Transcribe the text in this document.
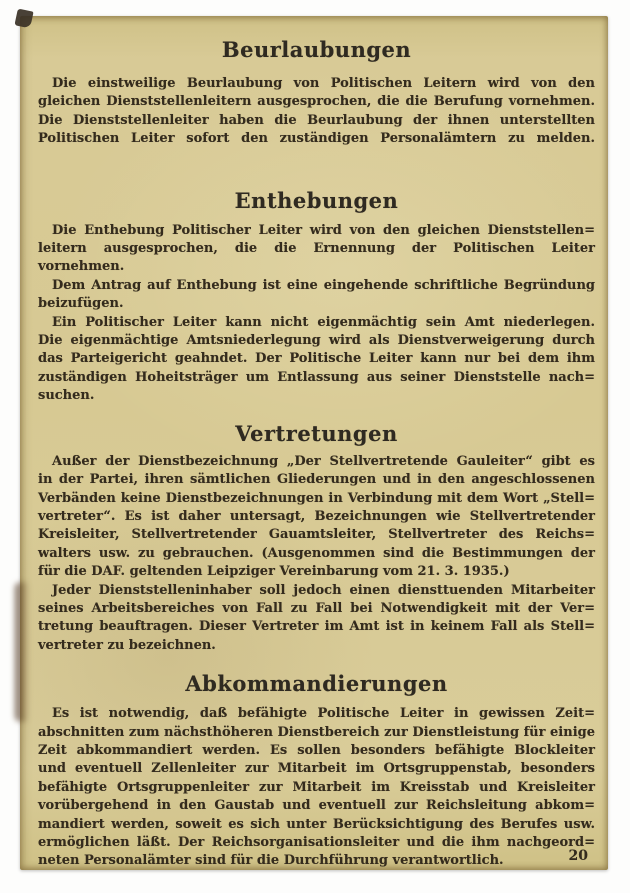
Beurlaubungen
Die einstweilige Beurlaubung von Politischen Leitern wird von den
gleichen Dienststellenleitern ausgesprochen, die die Berufung vornehmen.
Die Dienststellenleiter haben die Beurlaubung der ihnen unterstellten
Politischen Leiter sofort den zuständigen Personalämtern zu melden.
Enthebungen
Die Enthebung Politischer Leiter wird von den gleichen Dienststellen=
leitern ausgesprochen, die die Ernennung der Politischen Leiter vornehmen.
Dem Antrag auf Enthebung ist eine eingehende schriftliche Begründung
beizufügen.
Ein Politischer Leiter kann nicht eigenmächtig sein Amt niederlegen.
Die eigenmächtige Amtsniederlegung wird als Dienstverweigerung durch
das Parteigericht geahndet. Der Politische Leiter kann nur bei dem ihm
zuständigen Hoheitsträger um Entlassung aus seiner Dienststelle nach=
suchen.
Vertretungen
Außer der Dienstbezeichnung „Der Stellvertretende Gauleiter“ gibt es
in der Partei, ihren sämtlichen Gliederungen und in den angeschlossenen
Verbänden keine Dienstbezeichnungen in Verbindung mit dem Wort „Stell=
vertreter“. Es ist daher untersagt, Bezeichnungen wie Stellvertretender
Kreisleiter, Stellvertretender Gauamtsleiter, Stellvertreter des Reichs=
walters usw. zu gebrauchen. (Ausgenommen sind die Bestimmungen der
für die DAF. geltenden Leipziger Vereinbarung vom 21. 3. 1935.)
Jeder Dienststelleninhaber soll jedoch einen diensttuenden Mitarbeiter
seines Arbeitsbereiches von Fall zu Fall bei Notwendigkeit mit der Ver=
tretung beauftragen. Dieser Vertreter im Amt ist in keinem Fall als Stell=
vertreter zu bezeichnen.
Abkommandierungen
Es ist notwendig, daß befähigte Politische Leiter in gewissen Zeit=
abschnitten zum nächsthöheren Dienstbereich zur Dienstleistung für einige
Zeit abkommandiert werden. Es sollen besonders befähigte Blockleiter
und eventuell Zellenleiter zur Mitarbeit im Ortsgruppenstab, besonders
befähigte Ortsgruppenleiter zur Mitarbeit im Kreisstab und Kreisleiter
vorübergehend in den Gaustab und eventuell zur Reichsleitung abkom=
mandiert werden, soweit es sich unter Berücksichtigung des Berufes usw.
ermöglichen läßt. Der Reichsorganisationsleiter und die ihm nachgeord=
neten Personalämter sind für die Durchführung verantwortlich.	20
